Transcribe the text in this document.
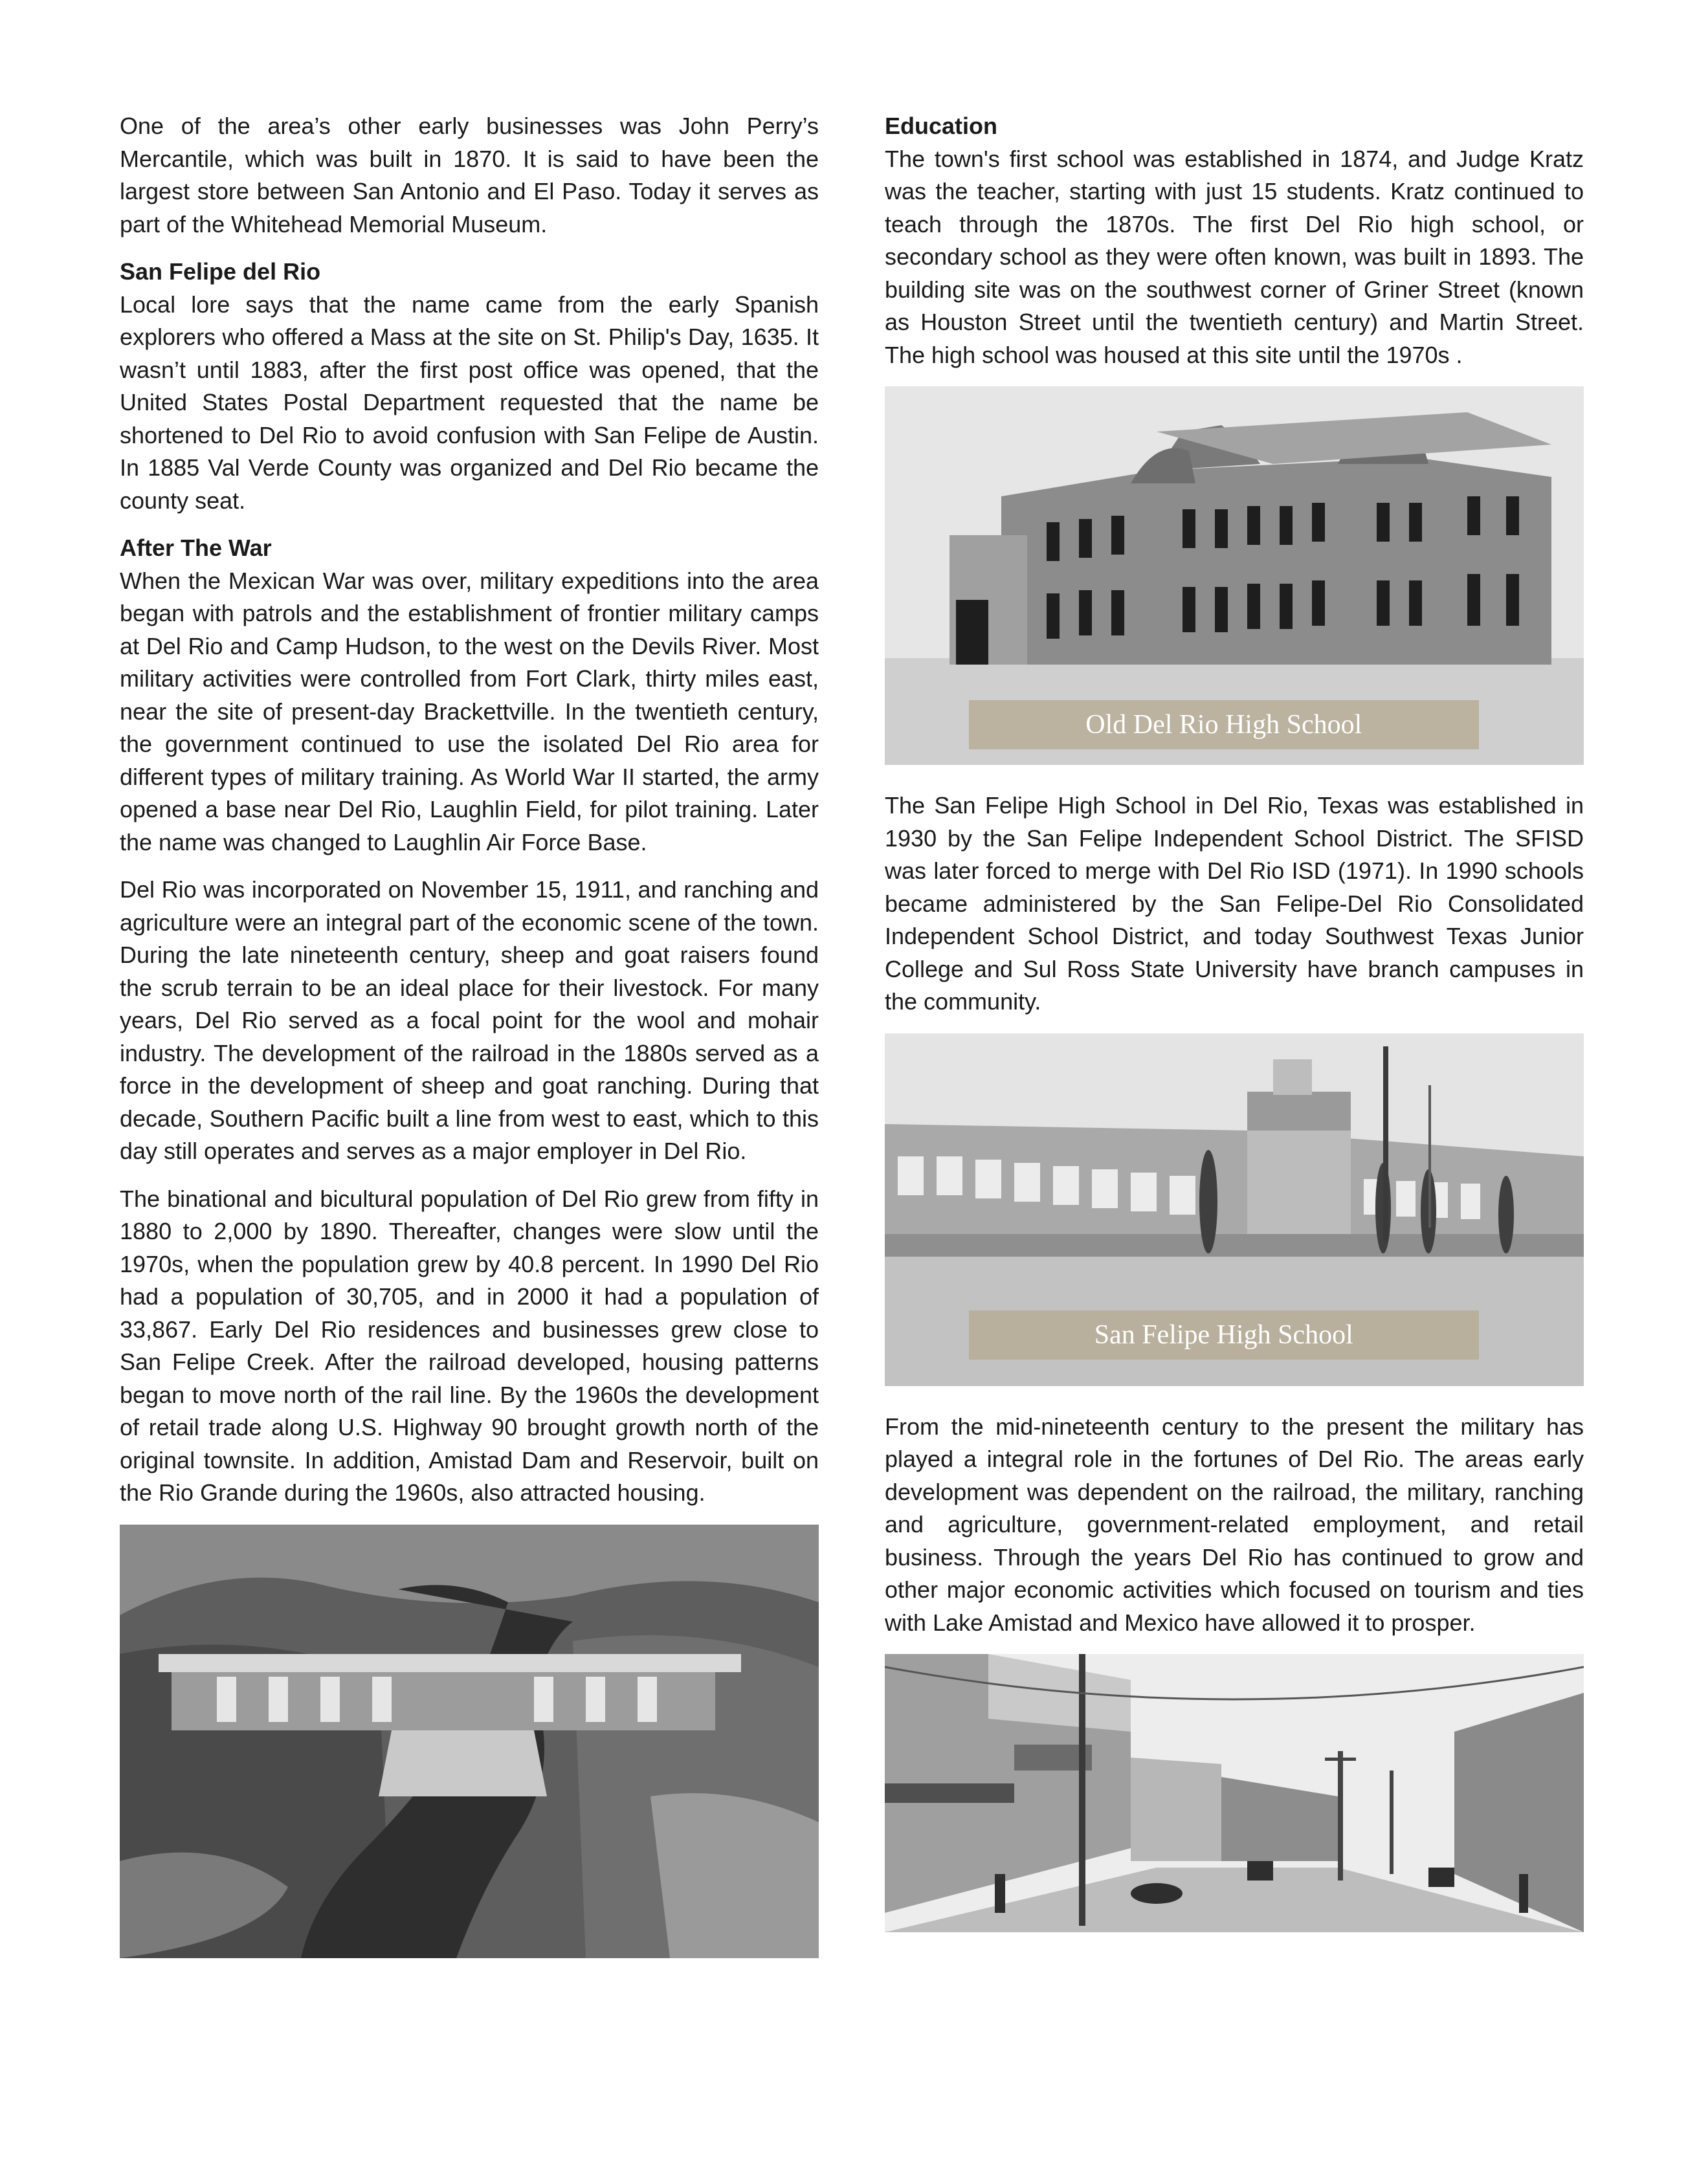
One of the area’s other early businesses was John Perry’s Mercantile, which was built in 1870. It is said to have been the largest store between San Antonio and El Paso. Today it serves as part of the Whitehead Memorial Museum.

San Felipe del Rio

Local lore says that the name came from the early Spanish explorers who offered a Mass at the site on St. Philip's Day, 1635. It wasn’t until 1883, after the first post office was opened, that the United States Postal Department requested that the name be shortened to Del Rio to avoid confusion with San Felipe de Austin. In 1885 Val Verde County was organized and Del Rio became the county seat.

After The War

When the Mexican War was over, military expeditions into the area began with patrols and the establishment of frontier military camps at Del Rio and Camp Hudson, to the west on the Devils River. Most military activities were controlled from Fort Clark, thirty miles east, near the site of present-day Brackettville. In the twentieth century, the government continued to use the isolated Del Rio area for different types of military training. As World War II started, the army opened a base near Del Rio, Laughlin Field, for pilot training. Later the name was changed to Laughlin Air Force Base.

Del Rio was incorporated on November 15, 1911, and ranching and agriculture were an integral part of the economic scene of the town. During the late nineteenth century, sheep and goat raisers found the scrub terrain to be an ideal place for their livestock. For many years, Del Rio served as a focal point for the wool and mohair industry. The development of the railroad in the 1880s served as a force in the development of sheep and goat ranching. During that decade, Southern Pacific built a line from west to east, which to this day still operates and serves as a major employer in Del Rio.

The binational and bicultural population of Del Rio grew from fifty in 1880 to 2,000 by 1890. Thereafter, changes were slow until the 1970s, when the population grew by 40.8 percent. In 1990 Del Rio had a population of 30,705, and in 2000 it had a population of 33,867. Early Del Rio residences and businesses grew close to San Felipe Creek. After the railroad developed, housing patterns began to move north of the rail line. By the 1960s the development of retail trade along U.S. Highway 90 brought growth north of the original townsite. In addition, Amistad Dam and Reservoir, built on the Rio Grande during the 1960s, also attracted housing.

Education

The town's first school was established in 1874, and Judge Kratz was the teacher, starting with just 15 students. Kratz continued to teach through the 1870s. The first Del Rio high school, or secondary school as they were often known, was built in 1893. The building site was on the southwest corner of Griner Street (known as Houston Street until the twentieth century) and Martin Street. The high school was housed at this site until the 1970s .

Old Del Rio High School

The San Felipe High School in Del Rio, Texas was established in 1930 by the San Felipe Independent School District. The SFISD was later forced to merge with Del Rio ISD (1971). In 1990 schools became administered by the San Felipe-Del Rio Consolidated Independent School District, and today Southwest Texas Junior College and Sul Ross State University have branch campuses in the community.

San Felipe High School

From the mid-nineteenth century to the present the military has played a integral role in the fortunes of Del Rio. The areas early development was dependent on the railroad, the military, ranching and agriculture, government-related employment, and retail business. Through the years Del Rio has continued to grow and other major economic activities which focused on tourism and ties with Lake Amistad and Mexico have allowed it to prosper.
